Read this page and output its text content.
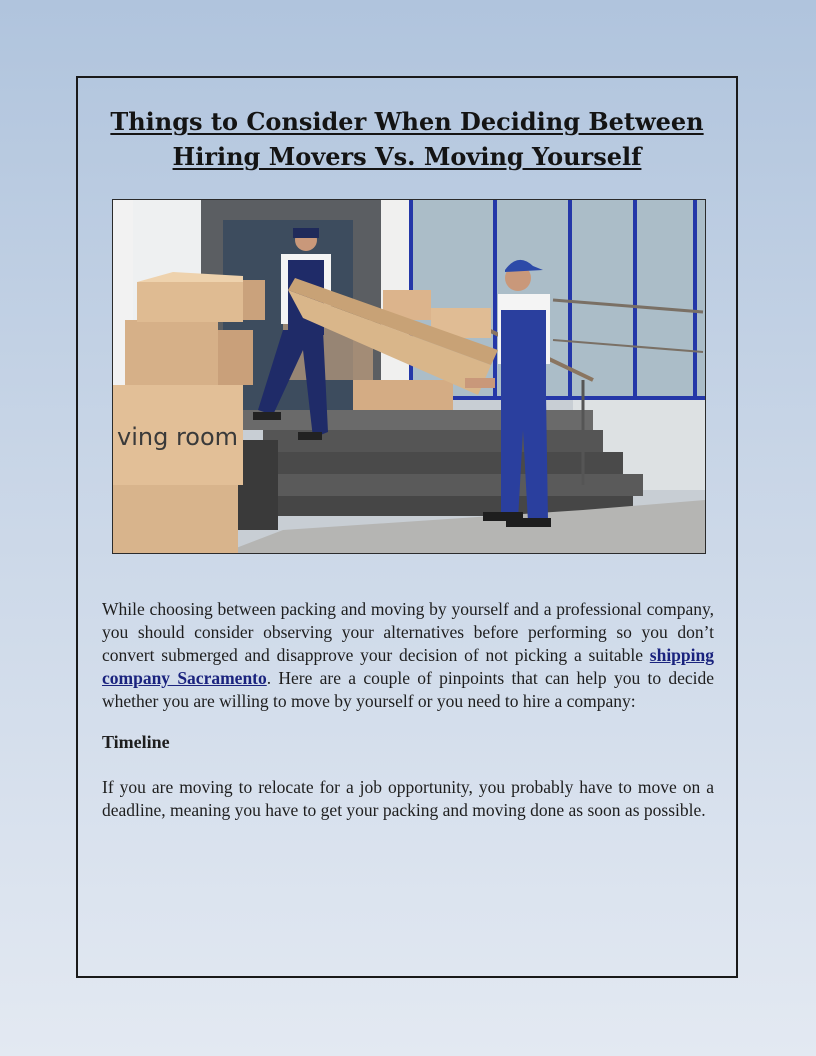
Things to Consider When Deciding Between
Hiring Movers Vs. Moving Yourself
ving room

While choosing between packing and moving by yourself and a professional company, you should consider observing your alternatives before performing so you don’t convert submerged and disapprove your decision of not picking a suitable shipping company Sacramento. Here are a couple of pinpoints that can help you to decide whether you are willing to move by yourself or you need to hire a company:

Timeline

If you are moving to relocate for a job opportunity, you probably have to move on a deadline, meaning you have to get your packing and moving done as soon as possible.
